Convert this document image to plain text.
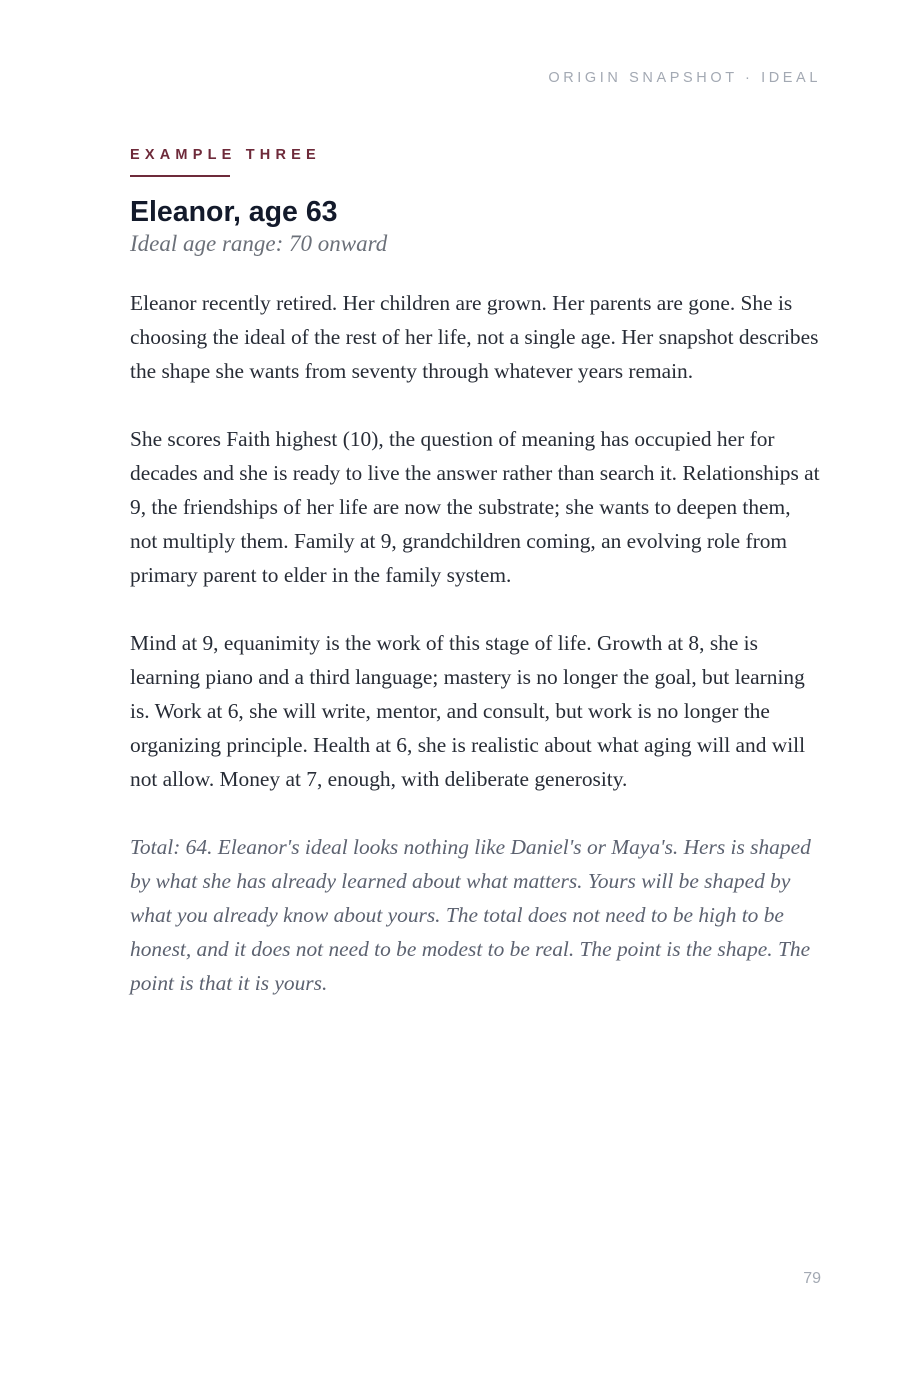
ORIGIN SNAPSHOT · IDEAL

EXAMPLE THREE

Eleanor, age 63

Ideal age range: 70 onward

Eleanor recently retired. Her children are grown. Her parents are gone. She is choosing the ideal of the rest of her life, not a single age. Her snapshot describes the shape she wants from seventy through whatever years remain.

She scores Faith highest (10), the question of meaning has occupied her for decades and she is ready to live the answer rather than search it. Relationships at 9, the friendships of her life are now the substrate; she wants to deepen them, not multiply them. Family at 9, grandchildren coming, an evolving role from primary parent to elder in the family system.

Mind at 9, equanimity is the work of this stage of life. Growth at 8, she is learning piano and a third language; mastery is no longer the goal, but learning is. Work at 6, she will write, mentor, and consult, but work is no longer the organizing principle. Health at 6, she is realistic about what aging will and will not allow. Money at 7, enough, with deliberate generosity.

Total: 64. Eleanor's ideal looks nothing like Daniel's or Maya's. Hers is shaped by what she has already learned about what matters. Yours will be shaped by what you already know about yours. The total does not need to be high to be honest, and it does not need to be modest to be real. The point is the shape. The point is that it is yours.

79
